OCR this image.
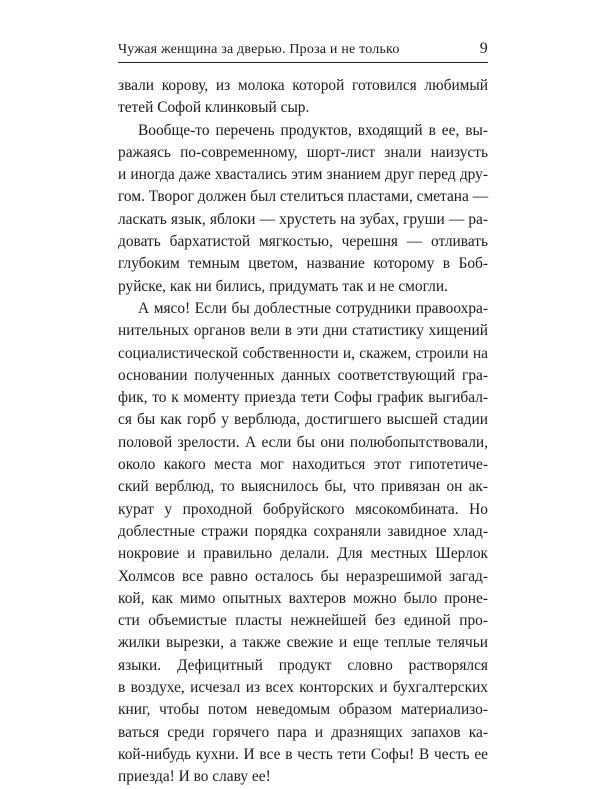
Чужая женщина за дверью. Проза и не только	9
звали корову, из молока которой готовился любимый
тетей Софой клинковый сыр.
Вообще-то перечень продуктов, входящий в ее, вы-
ражаясь по-современному, шорт-лист знали наизусть
и иногда даже хвастались этим знанием друг перед дру-
гом. Творог должен был стелиться пластами, сметана —
ласкать язык, яблоки — хрустеть на зубах, груши — ра-
довать бархатистой мягкостью, черешня — отливать
глубоким темным цветом, название которому в Боб-
руйске, как ни бились, придумать так и не смогли.
А мясо! Если бы доблестные сотрудники правоохра-
нительных органов вели в эти дни статистику хищений
социалистической собственности и, скажем, строили на
основании полученных данных соответствующий гра-
фик, то к моменту приезда тети Софы график выгибал-
ся бы как горб у верблюда, достигшего высшей стадии
половой зрелости. А если бы они полюбопытствовали,
около какого места мог находиться этот гипотетиче-
ский верблюд, то выяснилось бы, что привязан он ак-
курат у проходной бобруйского мясокомбината. Но
доблестные стражи порядка сохраняли завидное хлад-
нокровие и правильно делали. Для местных Шерлок
Холмсов все равно осталось бы неразрешимой загад-
кой, как мимо опытных вахтеров можно было проне-
сти объемистые пласты нежнейшей без единой про-
жилки вырезки, а также свежие и еще теплые телячьи
языки. Дефицитный продукт словно растворялся
в воздухе, исчезал из всех конторских и бухгалтерских
книг, чтобы потом неведомым образом материализо-
ваться среди горячего пара и дразнящих запахов ка-
кой-нибудь кухни. И все в честь тети Софы! В честь ее
приезда! И во славу ее!
